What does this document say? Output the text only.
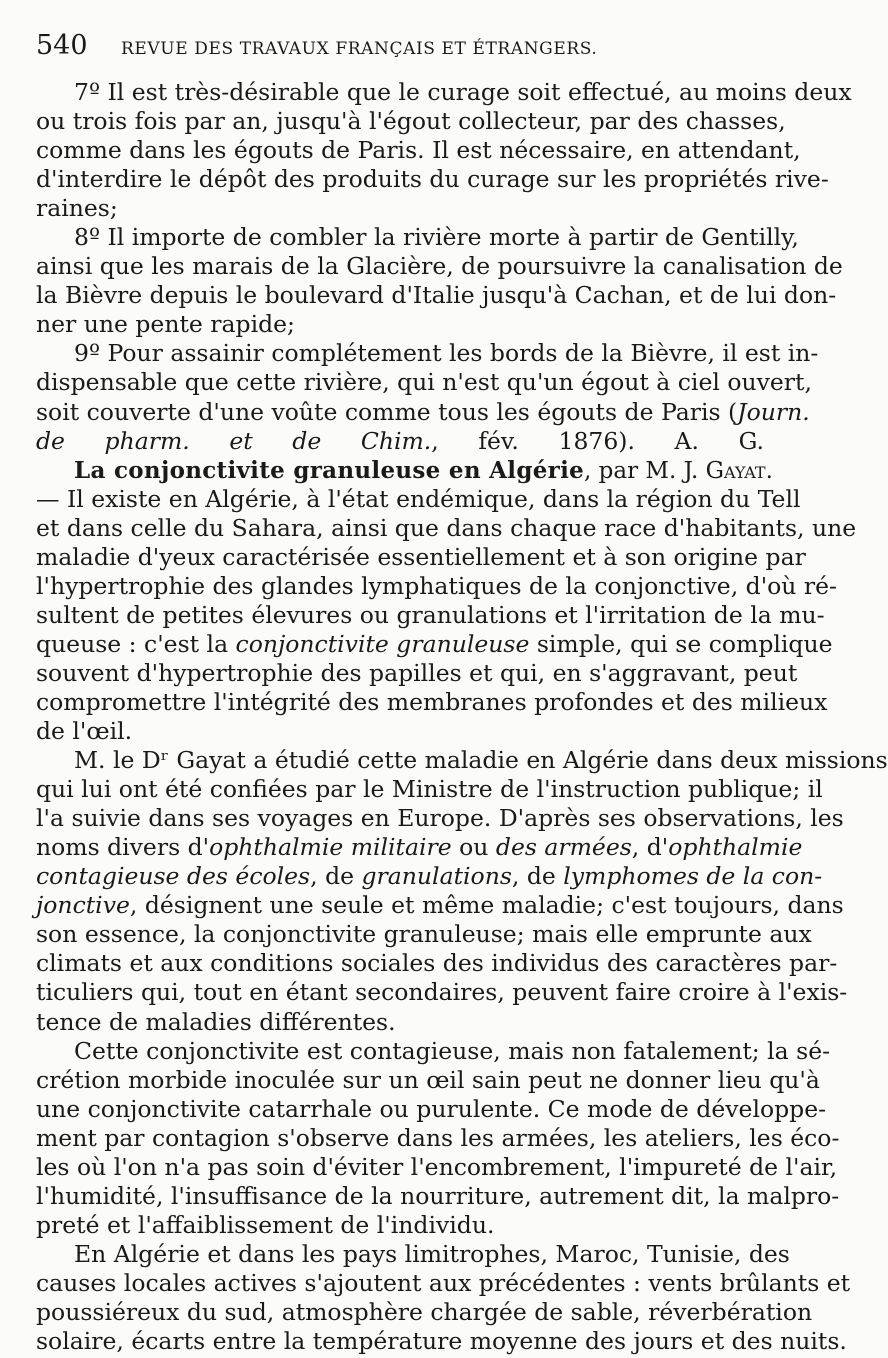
540	REVUE DES TRAVAUX FRANÇAIS ET ÉTRANGERS.
7º Il est très-désirable que le curage soit effectué, au moins deux
ou trois fois par an, jusqu'à l'égout collecteur, par des chasses,
comme dans les égouts de Paris. Il est nécessaire, en attendant,
d'interdire le dépôt des produits du curage sur les propriétés rive-
raines;
8º Il importe de combler la rivière morte à partir de Gentilly,
ainsi que les marais de la Glacière, de poursuivre la canalisation de
la Bièvre depuis le boulevard d'Italie jusqu'à Cachan, et de lui don-
ner une pente rapide;
9º Pour assainir complétement les bords de la Bièvre, il est in-
dispensable que cette rivière, qui n'est qu'un égout à ciel ouvert,
soit couverte d'une voûte comme tous les égouts de Paris (Journ.
de pharm. et de Chim., fév. 1876). A. G.
La conjonctivite granuleuse en Algérie, par M. J. Gayat.
— Il existe en Algérie, à l'état endémique, dans la région du Tell
et dans celle du Sahara, ainsi que dans chaque race d'habitants, une
maladie d'yeux caractérisée essentiellement et à son origine par
l'hypertrophie des glandes lymphatiques de la conjonctive, d'où ré-
sultent de petites élevures ou granulations et l'irritation de la mu-
queuse : c'est la conjonctivite granuleuse simple, qui se complique
souvent d'hypertrophie des papilles et qui, en s'aggravant, peut
compromettre l'intégrité des membranes profondes et des milieux
de l'œil.
M. le Dʳ Gayat a étudié cette maladie en Algérie dans deux missions
qui lui ont été confiées par le Ministre de l'instruction publique; il
l'a suivie dans ses voyages en Europe. D'après ses observations, les
noms divers d'ophthalmie militaire ou des armées, d'ophthalmie
contagieuse des écoles, de granulations, de lymphomes de la con-
jonctive, désignent une seule et même maladie; c'est toujours, dans
son essence, la conjonctivite granuleuse; mais elle emprunte aux
climats et aux conditions sociales des individus des caractères par-
ticuliers qui, tout en étant secondaires, peuvent faire croire à l'exis-
tence de maladies différentes.
Cette conjonctivite est contagieuse, mais non fatalement; la sé-
crétion morbide inoculée sur un œil sain peut ne donner lieu qu'à
une conjonctivite catarrhale ou purulente. Ce mode de développe-
ment par contagion s'observe dans les armées, les ateliers, les éco-
les où l'on n'a pas soin d'éviter l'encombrement, l'impureté de l'air,
l'humidité, l'insuffisance de la nourriture, autrement dit, la malpro-
preté et l'affaiblissement de l'individu.
En Algérie et dans les pays limitrophes, Maroc, Tunisie, des
causes locales actives s'ajoutent aux précédentes : vents brûlants et
poussiéreux du sud, atmosphère chargée de sable, réverbération
solaire, écarts entre la température moyenne des jours et des nuits.
